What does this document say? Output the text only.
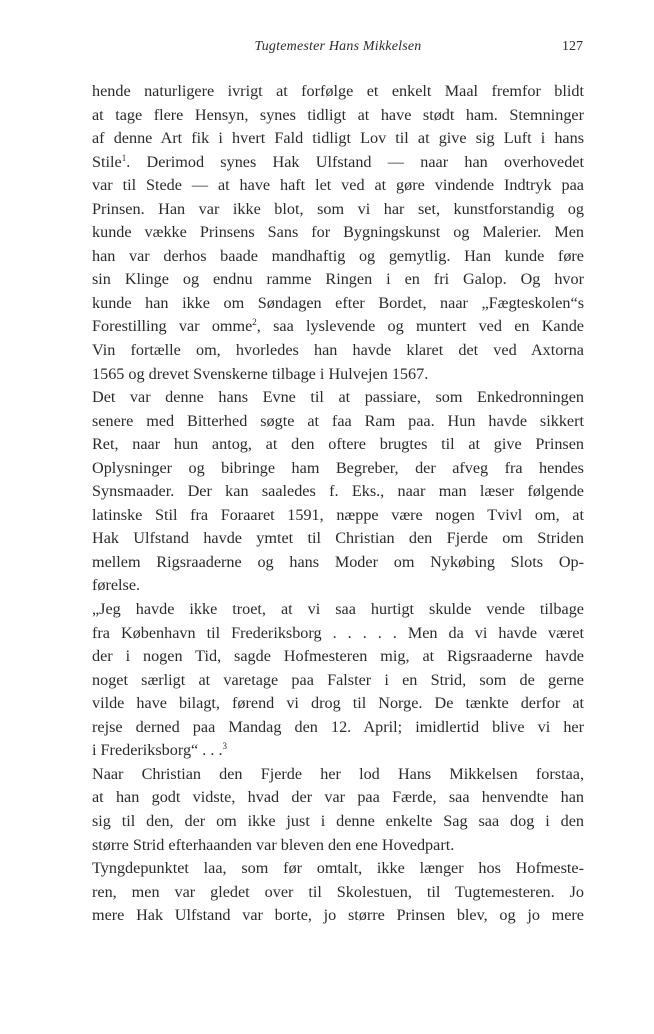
Tugtemester Hans Mikkelsen	127
hende naturligere ivrigt at forfølge et enkelt Maal fremfor blidt
at tage flere Hensyn, synes tidligt at have stødt ham. Stemninger
af denne Art fik i hvert Fald tidligt Lov til at give sig Luft i hans
Stile$^1$. Derimod synes Hak Ulfstand — naar han overhovedet
var til Stede — at have haft let ved at gøre vindende Indtryk paa
Prinsen. Han var ikke blot, som vi har set, kunstforstandig og
kunde vække Prinsens Sans for Bygningskunst og Malerier. Men
han var derhos baade mandhaftig og gemytlig. Han kunde føre
sin Klinge og endnu ramme Ringen i en fri Galop. Og hvor
kunde han ikke om Søndagen efter Bordet, naar „Fægteskolen“s
Forestilling var omme$^2$, saa lyslevende og muntert ved en Kande
Vin fortælle om, hvorledes han havde klaret det ved Axtorna
1565 og drevet Svenskerne tilbage i Hulvejen 1567.
Det var denne hans Evne til at passiare, som Enkedronningen
senere med Bitterhed søgte at faa Ram paa. Hun havde sikkert
Ret, naar hun antog, at den oftere brugtes til at give Prinsen
Oplysninger og bibringe ham Begreber, der afveg fra hendes
Synsmaader. Der kan saaledes f. Eks., naar man læser følgende
latinske Stil fra Foraaret 1591, næppe være nogen Tvivl om, at
Hak Ulfstand havde ymtet til Christian den Fjerde om Striden
mellem Rigsraaderne og hans Moder om Nykøbing Slots Op-
førelse.
„Jeg havde ikke troet, at vi saa hurtigt skulde vende tilbage
fra København til Frederiksborg . . . . . Men da vi havde været
der i nogen Tid, sagde Hofmesteren mig, at Rigsraaderne havde
noget særligt at varetage paa Falster i en Strid, som de gerne
vilde have bilagt, førend vi drog til Norge. De tænkte derfor at
rejse derned paa Mandag den 12. April; imidlertid blive vi her
i Frederiksborg“ . . .$^3$
Naar Christian den Fjerde her lod Hans Mikkelsen forstaa,
at han godt vidste, hvad der var paa Færde, saa henvendte han
sig til den, der om ikke just i denne enkelte Sag saa dog i den
større Strid efterhaanden var bleven den ene Hovedpart.
Tyngdepunktet laa, som før omtalt, ikke længer hos Hofmeste-
ren, men var gledet over til Skolestuen, til Tugtemesteren. Jo
mere Hak Ulfstand var borte, jo større Prinsen blev, og jo mere
